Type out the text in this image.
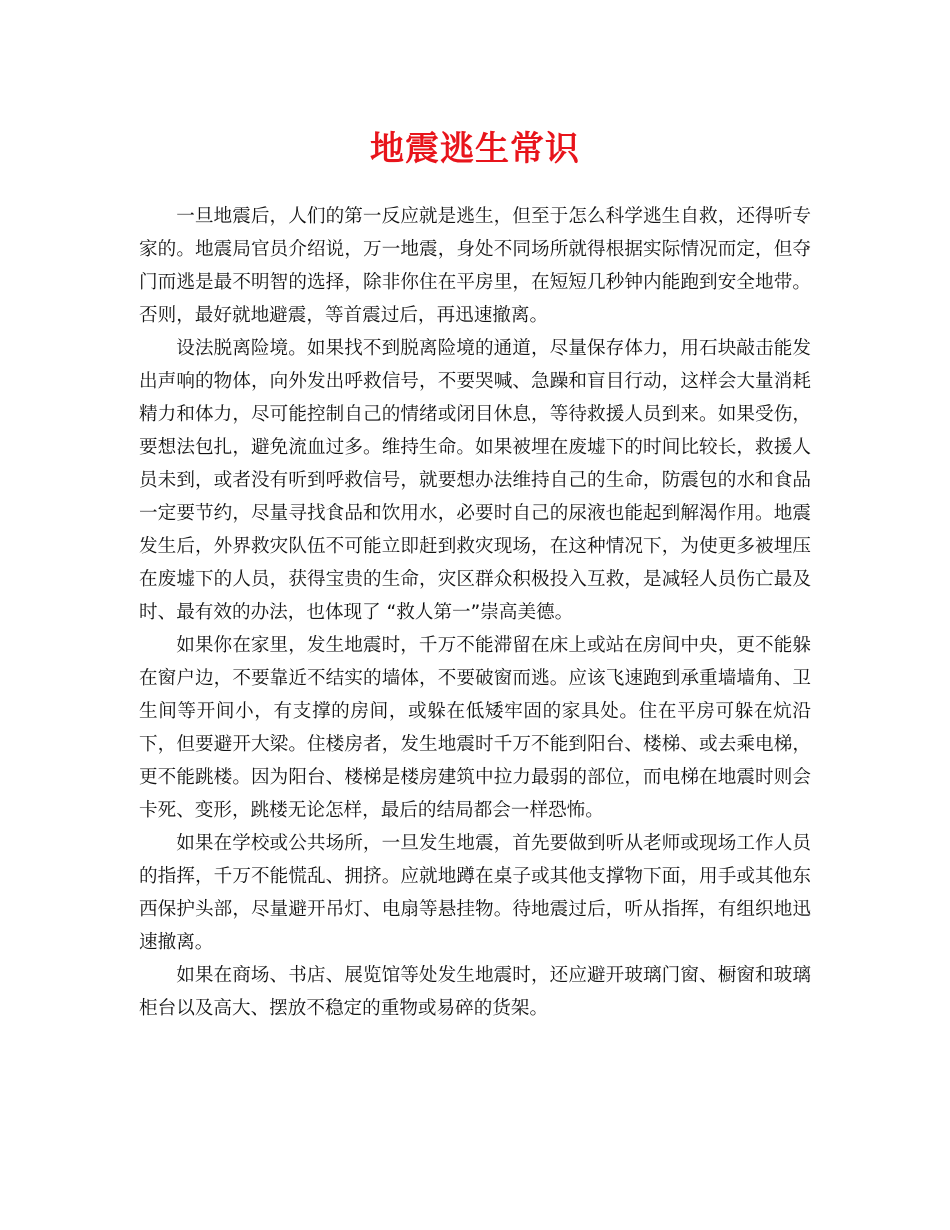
地震逃生常识

一旦地震后，人们的第一反应就是逃生，但至于怎么科学逃生自救，还得听专家的。地震局官员介绍说，万一地震，身处不同场所就得根据实际情况而定，但夺门而逃是最不明智的选择，除非你住在平房里，在短短几秒钟内能跑到安全地带。否则，最好就地避震，等首震过后，再迅速撤离。

设法脱离险境。如果找不到脱离险境的通道，尽量保存体力，用石块敲击能发出声响的物体，向外发出呼救信号，不要哭喊、急躁和盲目行动，这样会大量消耗精力和体力，尽可能控制自己的情绪或闭目休息，等待救援人员到来。如果受伤，要想法包扎，避免流血过多。维持生命。如果被埋在废墟下的时间比较长，救援人员未到，或者没有听到呼救信号，就要想办法维持自己的生命，防震包的水和食品一定要节约，尽量寻找食品和饮用水，必要时自己的尿液也能起到解渴作用。地震发生后，外界救灾队伍不可能立即赶到救灾现场，在这种情况下，为使更多被埋压在废墟下的人员，获得宝贵的生命，灾区群众积极投入互救，是减轻人员伤亡最及时、最有效的办法，也体现了 “救人第一”崇高美德。

如果你在家里，发生地震时，千万不能滞留在床上或站在房间中央，更不能躲在窗户边，不要靠近不结实的墙体，不要破窗而逃。应该飞速跑到承重墙墙角、卫生间等开间小，有支撑的房间，或躲在低矮牢固的家具处。住在平房可躲在炕沿下，但要避开大梁。住楼房者，发生地震时千万不能到阳台、楼梯、或去乘电梯，更不能跳楼。因为阳台、楼梯是楼房建筑中拉力最弱的部位，而电梯在地震时则会卡死、变形，跳楼无论怎样，最后的结局都会一样恐怖。

如果在学校或公共场所，一旦发生地震，首先要做到听从老师或现场工作人员的指挥，千万不能慌乱、拥挤。应就地蹲在桌子或其他支撑物下面，用手或其他东西保护头部，尽量避开吊灯、电扇等悬挂物。待地震过后，听从指挥，有组织地迅速撤离。

如果在商场、书店、展览馆等处发生地震时，还应避开玻璃门窗、橱窗和玻璃柜台以及高大、摆放不稳定的重物或易碎的货架。
